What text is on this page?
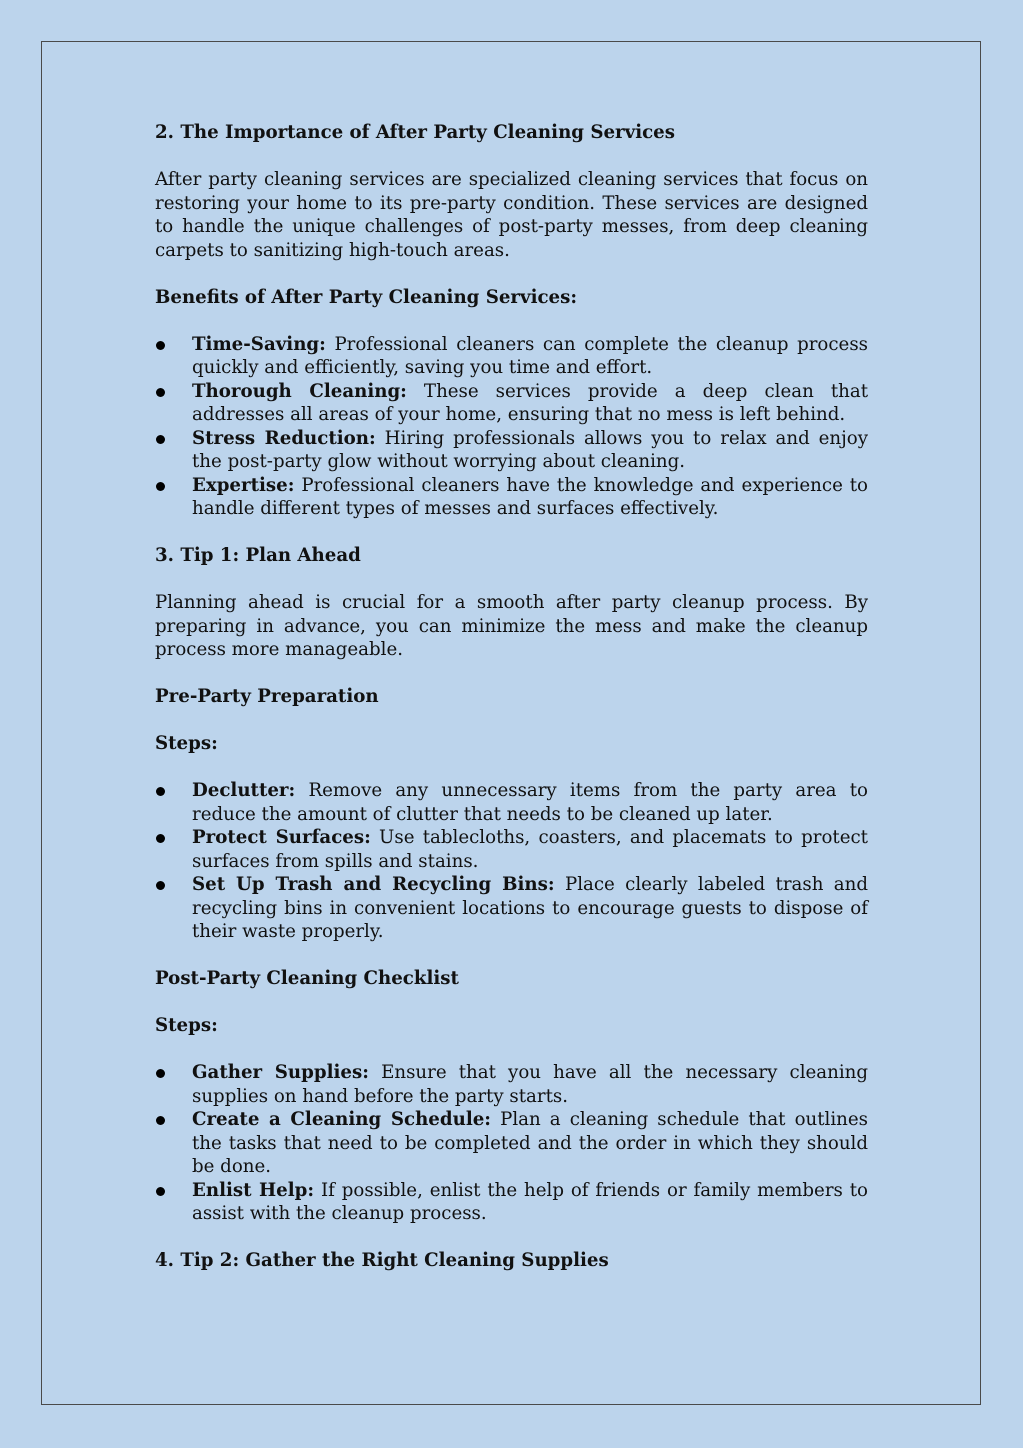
2. The Importance of After Party Cleaning Services

After party cleaning services are specialized cleaning services that focus on restoring your home to its pre-party condition. These services are designed to handle the unique challenges of post-party messes, from deep cleaning carpets to sanitizing high-touch areas.

Benefits of After Party Cleaning Services:
Time-Saving: Professional cleaners can complete the cleanup process quickly and efficiently, saving you time and effort.
Thorough Cleaning: These services provide a deep clean that addresses all areas of your home, ensuring that no mess is left behind.
Stress Reduction: Hiring professionals allows you to relax and enjoy the post-party glow without worrying about cleaning.
Expertise: Professional cleaners have the knowledge and experience to handle different types of messes and surfaces effectively.
3. Tip 1: Plan Ahead

Planning ahead is crucial for a smooth after party cleanup process. By preparing in advance, you can minimize the mess and make the cleanup process more manageable.

Pre-Party Preparation
Steps:
Declutter: Remove any unnecessary items from the party area to reduce the amount of clutter that needs to be cleaned up later.
Protect Surfaces: Use tablecloths, coasters, and placemats to protect surfaces from spills and stains.
Set Up Trash and Recycling Bins: Place clearly labeled trash and recycling bins in convenient locations to encourage guests to dispose of their waste properly.
Post-Party Cleaning Checklist
Steps:
Gather Supplies: Ensure that you have all the necessary cleaning supplies on hand before the party starts.
Create a Cleaning Schedule: Plan a cleaning schedule that outlines the tasks that need to be completed and the order in which they should be done.
Enlist Help: If possible, enlist the help of friends or family members to assist with the cleanup process.
4. Tip 2: Gather the Right Cleaning Supplies
